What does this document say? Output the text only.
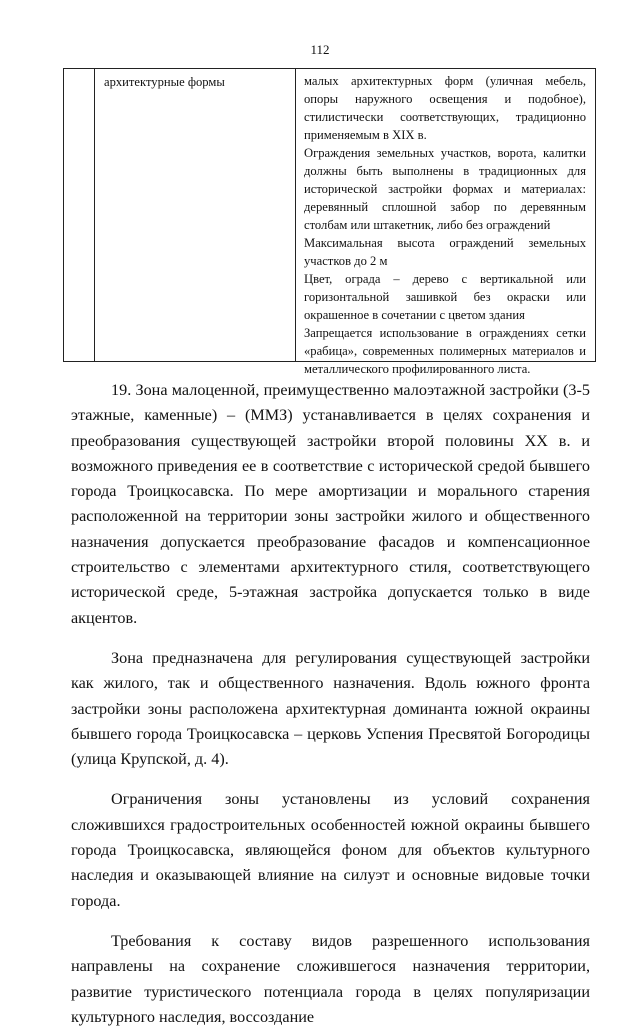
112
архитектурные формы	малых архитектурных форм (уличная мебель, опоры наружного освещения и подобное), стилистически соответствующих, традиционно применяемым в XIX в.

Ограждения земельных участков, ворота, калитки должны быть выполнены в традиционных для исторической застройки формах и материалах: деревянный сплошной забор по деревянным столбам или штакетник, либо без ограждений

Максимальная высота ограждений земельных участков до 2 м

Цвет, ограда – дерево с вертикальной или горизонтальной зашивкой без окраски или окрашенное в сочетании с цветом здания

Запрещается использование в ограждениях сетки «рабица», современных полимерных материалов и металлического профилированного листа.

19. Зона малоценной, преимущественно малоэтажной застройки (3-5 этажные, каменные) – (ММЗ) устанавливается в целях сохранения и преобразования существующей застройки второй половины XX в. и возможного приведения ее в соответствие с исторической средой бывшего города Троицкосавска. По мере амортизации и морального старения расположенной на территории зоны застройки жилого и общественного назначения допускается преобразование фасадов и компенсационное строительство с элементами архитектурного стиля, соответствующего исторической среде, 5-этажная застройка допускается только в виде акцентов.

Зона предназначена для регулирования существующей застройки как жилого, так и общественного назначения. Вдоль южного фронта застройки зоны расположена архитектурная доминанта южной окраины бывшего города Троицкосавска – церковь Успения Пресвятой Богородицы (улица Крупской, д. 4).

Ограничения зоны установлены из условий сохранения сложившихся градостроительных особенностей южной окраины бывшего города Троицкосавска, являющейся фоном для объектов культурного наследия и оказывающей влияние на силуэт и основные видовые точки города.

Требования к составу видов разрешенного использования направлены на сохранение сложившегося назначения территории, развитие туристического потенциала города в целях популяризации культурного наследия, воссоздание
